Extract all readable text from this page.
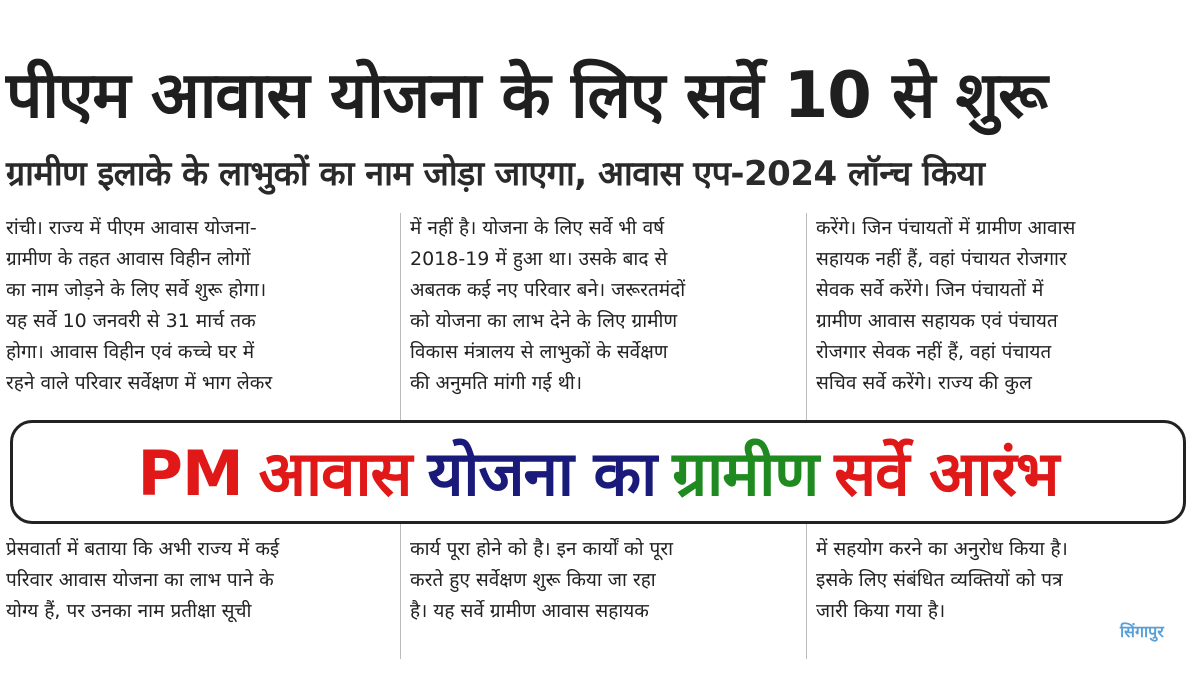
पीएम आवास योजना के लिए सर्वे 10 से शुरू
ग्रामीण इलाके के लाभुकों का नाम जोड़ा जाएगा, आवास एप-2024 लॉन्च किया
रांची। राज्य में पीएम आवास योजना-
ग्रामीण के तहत आवास विहीन लोगों
का नाम जोड़ने के लिए सर्वे शुरू होगा।
यह सर्वे 10 जनवरी से 31 मार्च तक
होगा। आवास विहीन एवं कच्चे घर में
रहने वाले परिवार सर्वेक्षण में भाग लेकर
में नहीं है। योजना के लिए सर्वे भी वर्ष
2018-19 में हुआ था। उसके बाद से
अबतक कई नए परिवार बने। जरूरतमंदों
को योजना का लाभ देने के लिए ग्रामीण
विकास मंत्रालय से लाभुकों के सर्वेक्षण
की अनुमति मांगी गई थी।
करेंगे। जिन पंचायतों में ग्रामीण आवास
सहायक नहीं हैं, वहां पंचायत रोजगार
सेवक सर्वे करेंगे। जिन पंचायतों में
ग्रामीण आवास सहायक एवं पंचायत
रोजगार सेवक नहीं हैं, वहां पंचायत
सचिव सर्वे करेंगे। राज्य की कुल
प्रेसवार्ता में बताया कि अभी राज्य में कई
परिवार आवास योजना का लाभ पाने के
योग्य हैं, पर उनका नाम प्रतीक्षा सूची
कार्य पूरा होने को है। इन कार्यों को पूरा
करते हुए सर्वेक्षण शुरू किया जा रहा
है। यह सर्वे ग्रामीण आवास सहायक
में सहयोग करने का अनुरोध किया है।
इसके लिए संबंधित व्यक्तियों को पत्र
जारी किया गया है।
PM आवास योजना का ग्रामीण सर्वे आरंभ
सिंगापुर
